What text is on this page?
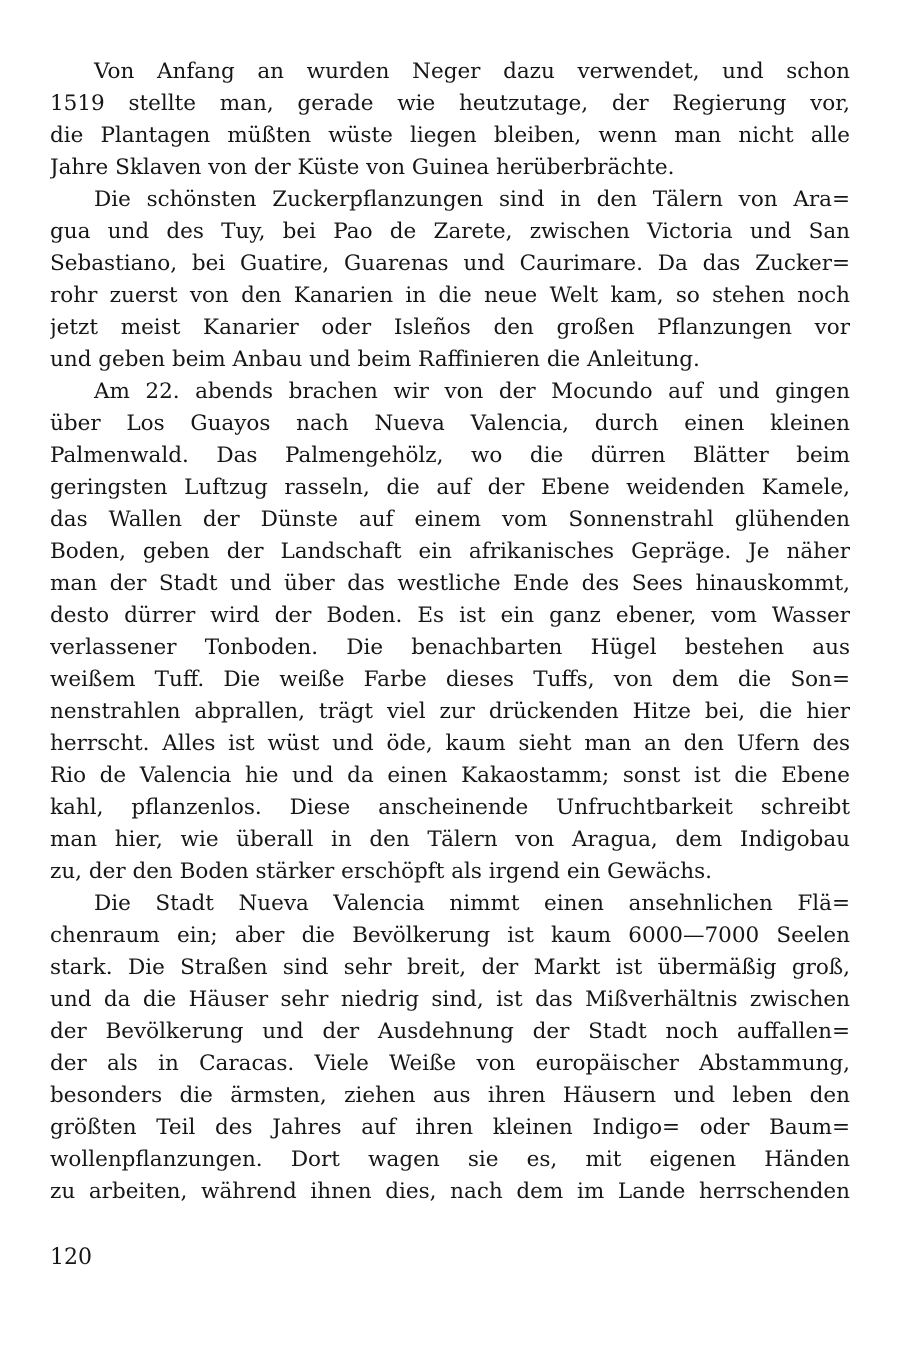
Von Anfang an wurden Neger dazu verwendet, und schon
1519 stellte man, gerade wie heutzutage, der Regierung vor,
die Plantagen müßten wüste liegen bleiben, wenn man nicht alle
Jahre Sklaven von der Küste von Guinea herüberbrächte.
Die schönsten Zuckerpflanzungen sind in den Tälern von Ara=
gua und des Tuy, bei Pao de Zarete, zwischen Victoria und San
Sebastiano, bei Guatire, Guarenas und Caurimare. Da das Zucker=
rohr zuerst von den Kanarien in die neue Welt kam, so stehen noch
jetzt meist Kanarier oder Isleños den großen Pflanzungen vor
und geben beim Anbau und beim Raffinieren die Anleitung.
Am 22. abends brachen wir von der Mocundo auf und gingen
über Los Guayos nach Nueva Valencia, durch einen kleinen
Palmenwald. Das Palmengehölz, wo die dürren Blätter beim
geringsten Luftzug rasseln, die auf der Ebene weidenden Kamele,
das Wallen der Dünste auf einem vom Sonnenstrahl glühenden
Boden, geben der Landschaft ein afrikanisches Gepräge. Je näher
man der Stadt und über das westliche Ende des Sees hinauskommt,
desto dürrer wird der Boden. Es ist ein ganz ebener, vom Wasser
verlassener Tonboden. Die benachbarten Hügel bestehen aus
weißem Tuff. Die weiße Farbe dieses Tuffs, von dem die Son=
nenstrahlen abprallen, trägt viel zur drückenden Hitze bei, die hier
herrscht. Alles ist wüst und öde, kaum sieht man an den Ufern des
Rio de Valencia hie und da einen Kakaostamm; sonst ist die Ebene
kahl, pflanzenlos. Diese anscheinende Unfruchtbarkeit schreibt
man hier, wie überall in den Tälern von Aragua, dem Indigobau
zu, der den Boden stärker erschöpft als irgend ein Gewächs.
Die Stadt Nueva Valencia nimmt einen ansehnlichen Flä=
chenraum ein; aber die Bevölkerung ist kaum 6000—7000 Seelen
stark. Die Straßen sind sehr breit, der Markt ist übermäßig groß,
und da die Häuser sehr niedrig sind, ist das Mißverhältnis zwischen
der Bevölkerung und der Ausdehnung der Stadt noch auffallen=
der als in Caracas. Viele Weiße von europäischer Abstammung,
besonders die ärmsten, ziehen aus ihren Häusern und leben den
größten Teil des Jahres auf ihren kleinen Indigo= oder Baum=
wollenpflanzungen. Dort wagen sie es, mit eigenen Händen
zu arbeiten, während ihnen dies, nach dem im Lande herrschenden
120
